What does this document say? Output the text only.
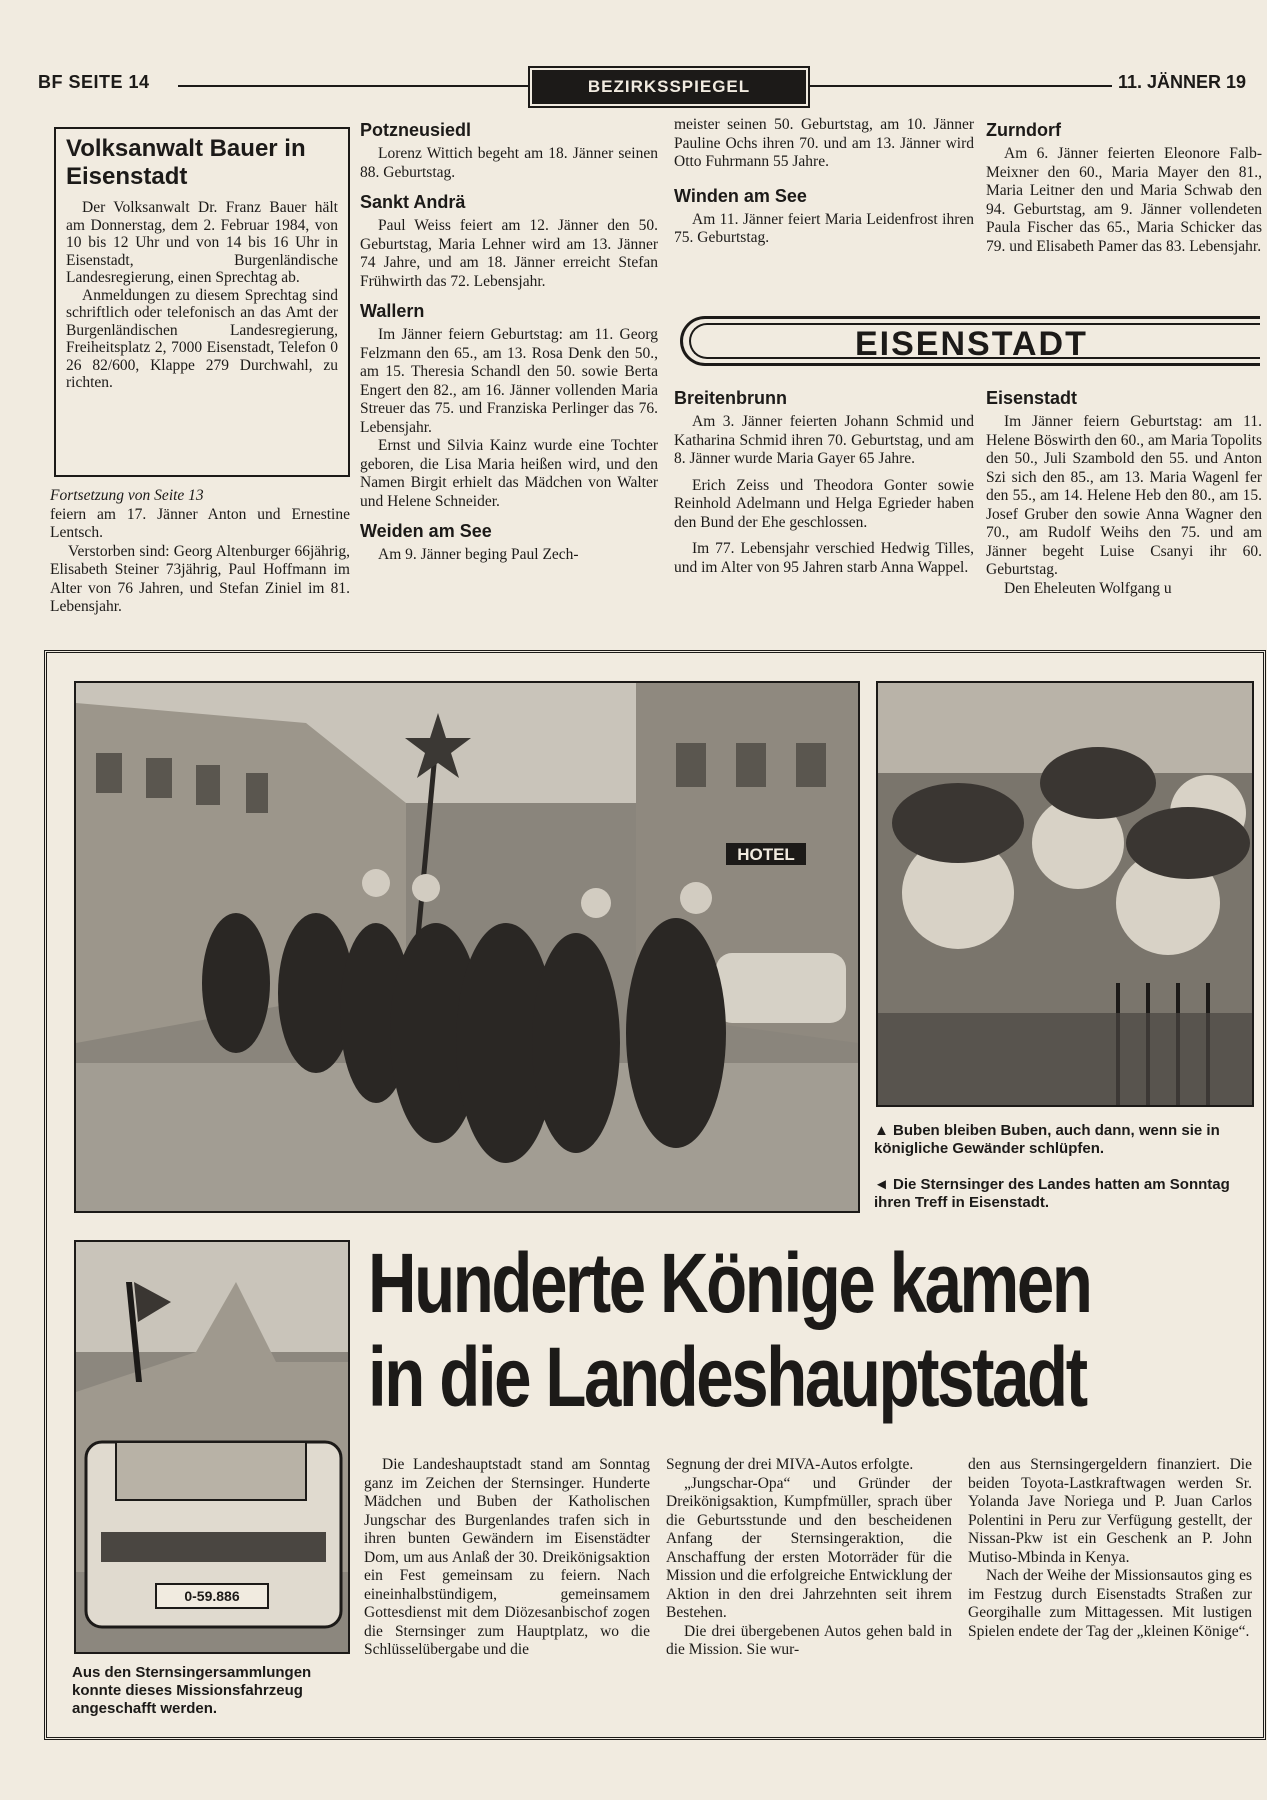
BF SEITE 14	BEZIRKSSPIEGEL	11. JÄNNER 19
Volksanwalt Bauer in Eisenstadt

Der Volksanwalt Dr. Franz Bauer hält am Donnerstag, dem 2. Februar 1984, von 10 bis 12 Uhr und von 14 bis 16 Uhr in Eisenstadt, Burgenländische Landesregierung, einen Sprechtag ab.

Anmeldungen zu diesem Sprechtag sind schriftlich oder telefonisch an das Amt der Burgenländischen Landesregierung, Freiheitsplatz 2, 7000 Eisenstadt, Telefon 0 26 82/600, Klappe 279 Durchwahl, zu richten.

Fortsetzung von Seite 13

feiern am 17. Jänner Anton und Ernestine Lentsch.

Verstorben sind: Georg Altenburger 66jährig, Elisabeth Steiner 73jährig, Paul Hoffmann im Alter von 76 Jahren, und Stefan Ziniel im 81. Lebensjahr.

Potzneusiedl

Lorenz Wittich begeht am 18. Jänner seinen 88. Geburtstag.

Sankt Andrä

Paul Weiss feiert am 12. Jänner den 50. Geburtstag, Maria Lehner wird am 13. Jänner 74 Jahre, und am 18. Jänner erreicht Stefan Frühwirth das 72. Lebensjahr.

Wallern

Im Jänner feiern Geburtstag: am 11. Georg Felzmann den 65., am 13. Rosa Denk den 50., am 15. Theresia Schandl den 50. sowie Berta Engert den 82., am 16. Jänner vollenden Maria Streuer das 75. und Franziska Perlinger das 76. Lebensjahr.

Ernst und Silvia Kainz wurde eine Tochter geboren, die Lisa Maria heißen wird, und den Namen Birgit erhielt das Mädchen von Walter und Helene Schneider.

Weiden am See

Am 9. Jänner beging Paul Zech-

meister seinen 50. Geburtstag, am 10. Jänner Pauline Ochs ihren 70. und am 13. Jänner wird Otto Fuhrmann 55 Jahre.

Winden am See

Am 11. Jänner feiert Maria Leidenfrost ihren 75. Geburtstag.

Zurndorf

Am 6. Jänner feierten Eleonore Falb-Meixner den 60., Maria Mayer den 81., Maria Leitner den und Maria Schwab den 94. Geburtstag, am 9. Jänner vollendeten Paula Fischer das 65., Maria Schicker das 79. und Elisabeth Pamer das 83. Lebensjahr.

EISENSTADT
Breitenbrunn

Am 3. Jänner feierten Johann Schmid und Katharina Schmid ihren 70. Geburtstag, und am 8. Jänner wurde Maria Gayer 65 Jahre.

Erich Zeiss und Theodora Gonter sowie Reinhold Adelmann und Helga Egrieder haben den Bund der Ehe geschlossen.

Im 77. Lebensjahr verschied Hedwig Tilles, und im Alter von 95 Jahren starb Anna Wappel.

Eisenstadt

Im Jänner feiern Geburtstag: am 11. Helene Böswirth den 60., am Maria Topolits den 50., Juli Szambold den 55. und Anton Szi sich den 85., am 13. Maria Wagenl fer den 55., am 14. Helene Heb den 80., am 15. Josef Gruber den sowie Anna Wagner den 70., am Rudolf Weihs den 75. und am Jänner begeht Luise Csanyi ihr 60. Geburtstag.

Den Eheleuten Wolfgang u

HOTEL
▲ Buben bleiben Buben, auch dann, wenn sie in königliche Gewänder schlüpfen.
◄ Die Sternsinger des Landes hatten am Sonntag ihren Treff in Eisenstadt.
0-59.886
Aus den Sternsingersammlungen konnte dieses Missionsfahrzeug angeschafft werden.
Hunderte Könige kamen
in die Landeshauptstadt

Die Landeshauptstadt stand am Sonntag ganz im Zeichen der Sternsinger. Hunderte Mädchen und Buben der Katholischen Jungschar des Burgenlandes trafen sich in ihren bunten Gewändern im Eisenstädter Dom, um aus Anlaß der 30. Dreikönigsaktion ein Fest gemeinsam zu feiern. Nach eineinhalbstündigem, gemeinsamem Gottesdienst mit dem Diözesanbischof zogen die Sternsinger zum Hauptplatz, wo die Schlüsselübergabe und die

Segnung der drei MIVA-Autos erfolgte.

„Jungschar-Opa“ und Gründer der Dreikönigsaktion, Kumpfmüller, sprach über die Geburtsstunde und den bescheidenen Anfang der Sternsingeraktion, die Anschaffung der ersten Motorräder für die Mission und die erfolgreiche Entwicklung der Aktion in den drei Jahrzehnten seit ihrem Bestehen.

Die drei übergebenen Autos gehen bald in die Mission. Sie wur-

den aus Sternsingergeldern finanziert. Die beiden Toyota-Lastkraftwagen werden Sr. Yolanda Jave Noriega und P. Juan Carlos Polentini in Peru zur Verfügung gestellt, der Nissan-Pkw ist ein Geschenk an P. John Mutiso-Mbinda in Kenya.

Nach der Weihe der Missionsautos ging es im Festzug durch Eisenstadts Straßen zur Georgihalle zum Mittagessen. Mit lustigen Spielen endete der Tag der „kleinen Könige“.
